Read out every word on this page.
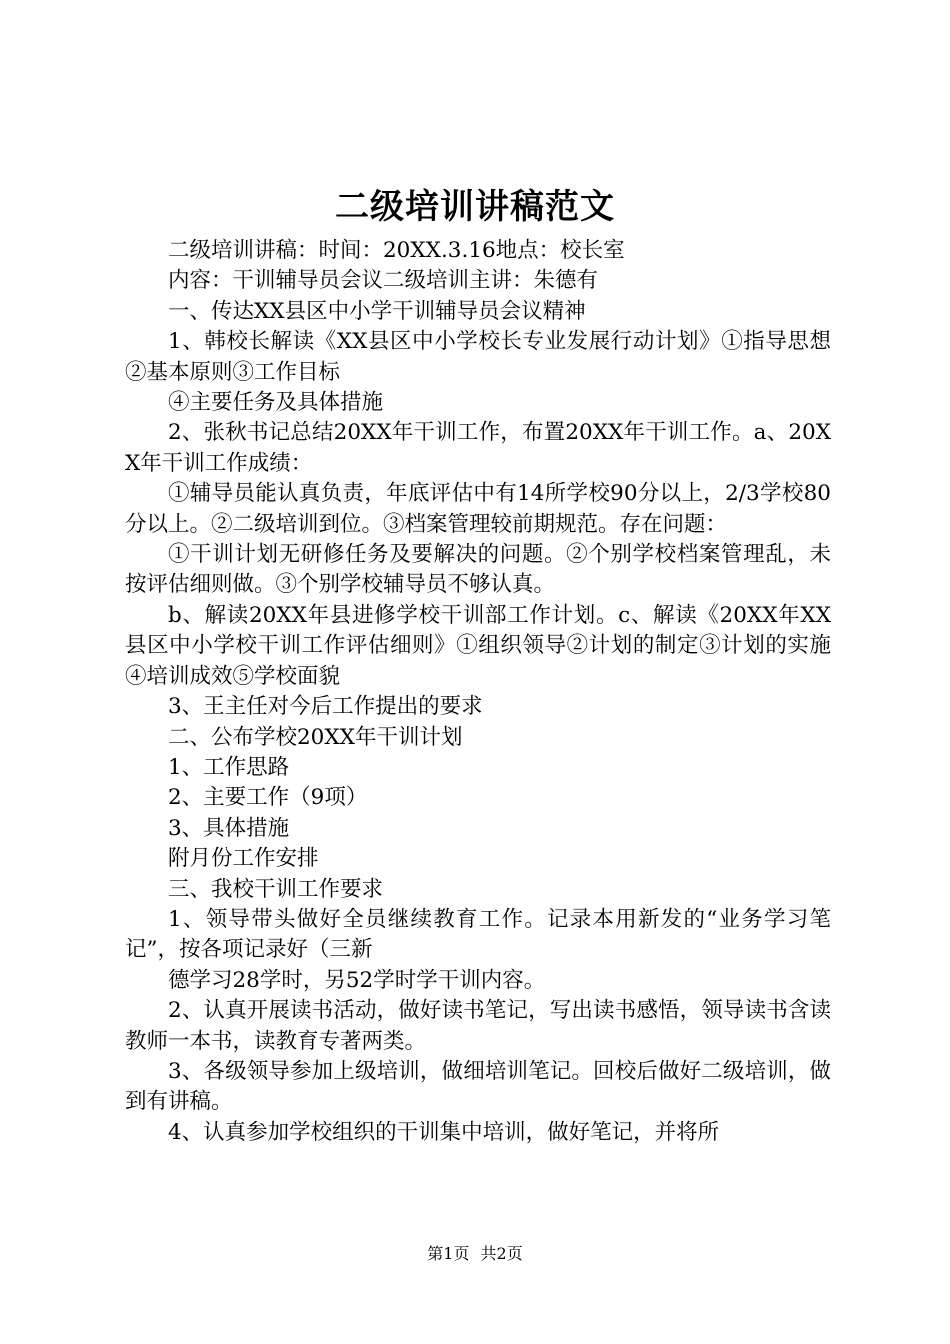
二级培训讲稿范文

二级培训讲稿：时间：20XX.3.16地点：校长室

内容：干训辅导员会议二级培训主讲：朱德有

一、传达XX县区中小学干训辅导员会议精神

1、韩校长解读《XX县区中小学校长专业发展行动计划》①指导思想②基本原则③工作目标

④主要任务及具体措施

2、张秋书记总结20XX年干训工作，布置20XX年干训工作。a、20XX年干训工作成绩：

①辅导员能认真负责，年底评估中有14所学校90分以上，2/3学校80分以上。②二级培训到位。③档案管理较前期规范。存在问题：

①干训计划无研修任务及要解决的问题。②个别学校档案管理乱，未按评估细则做。③个别学校辅导员不够认真。

b、解读20XX年县进修学校干训部工作计划。c、解读《20XX年XX县区中小学校干训工作评估细则》①组织领导②计划的制定③计划的实施④培训成效⑤学校面貌

3、王主任对今后工作提出的要求

二、公布学校20XX年干训计划

1、工作思路

2、主要工作（9项）

3、具体措施

附月份工作安排

三、我校干训工作要求

1、领导带头做好全员继续教育工作。记录本用新发的“业务学习笔记”，按各项记录好（三新

德学习28学时，另52学时学干训内容。

2、认真开展读书活动，做好读书笔记，写出读书感悟，领导读书含读教师一本书，读教育专著两类。

3、各级领导参加上级培训，做细培训笔记。回校后做好二级培训，做到有讲稿。

4、认真参加学校组织的干训集中培训，做好笔记，并将所

第1页 共2页
